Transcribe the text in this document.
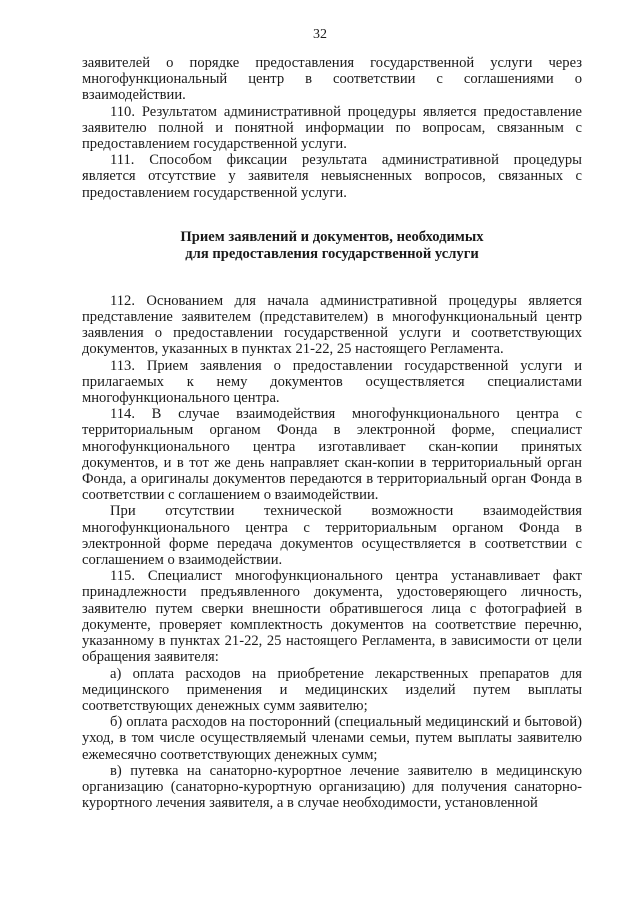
32

заявителей о порядке предоставления государственной услуги через многофункциональный центр в соответствии с соглашениями о взаимодействии.

110. Результатом административной процедуры является предоставление заявителю полной и понятной информации по вопросам, связанным с предоставлением государственной услуги.

111. Способом фиксации результата административной процедуры является отсутствие у заявителя невыясненных вопросов, связанных с предоставлением государственной услуги.

Прием заявлений и документов, необходимых
для предоставления государственной услуги

112. Основанием для начала административной процедуры является представление заявителем (представителем) в многофункциональный центр заявления о предоставлении государственной услуги и соответствующих документов, указанных в пунктах 21-22, 25 настоящего Регламента.

113. Прием заявления о предоставлении государственной услуги и прилагаемых к нему документов осуществляется специалистами многофункционального центра.

114. В случае взаимодействия многофункционального центра с территориальным органом Фонда в электронной форме, специалист многофункционального центра изготавливает скан-копии принятых документов, и в тот же день направляет скан-копии в территориальный орган Фонда, а оригиналы документов передаются в территориальный орган Фонда в соответствии с соглашением о взаимодействии.

При отсутствии технической возможности взаимодействия многофункционального центра с территориальным органом Фонда в электронной форме передача документов осуществляется в соответствии с соглашением о взаимодействии.

115. Специалист многофункционального центра устанавливает факт принадлежности предъявленного документа, удостоверяющего личность, заявителю путем сверки внешности обратившегося лица с фотографией в документе, проверяет комплектность документов на соответствие перечню, указанному в пунктах 21-22, 25 настоящего Регламента, в зависимости от цели обращения заявителя:

а) оплата расходов на приобретение лекарственных препаратов для медицинского применения и медицинских изделий путем выплаты соответствующих денежных сумм заявителю;

б) оплата расходов на посторонний (специальный медицинский и бытовой) уход, в том числе осуществляемый членами семьи, путем выплаты заявителю ежемесячно соответствующих денежных сумм;

в) путевка на санаторно-курортное лечение заявителю в медицинскую организацию (санаторно-курортную организацию) для получения санаторно-курортного лечения заявителя, а в случае необходимости, установленной
